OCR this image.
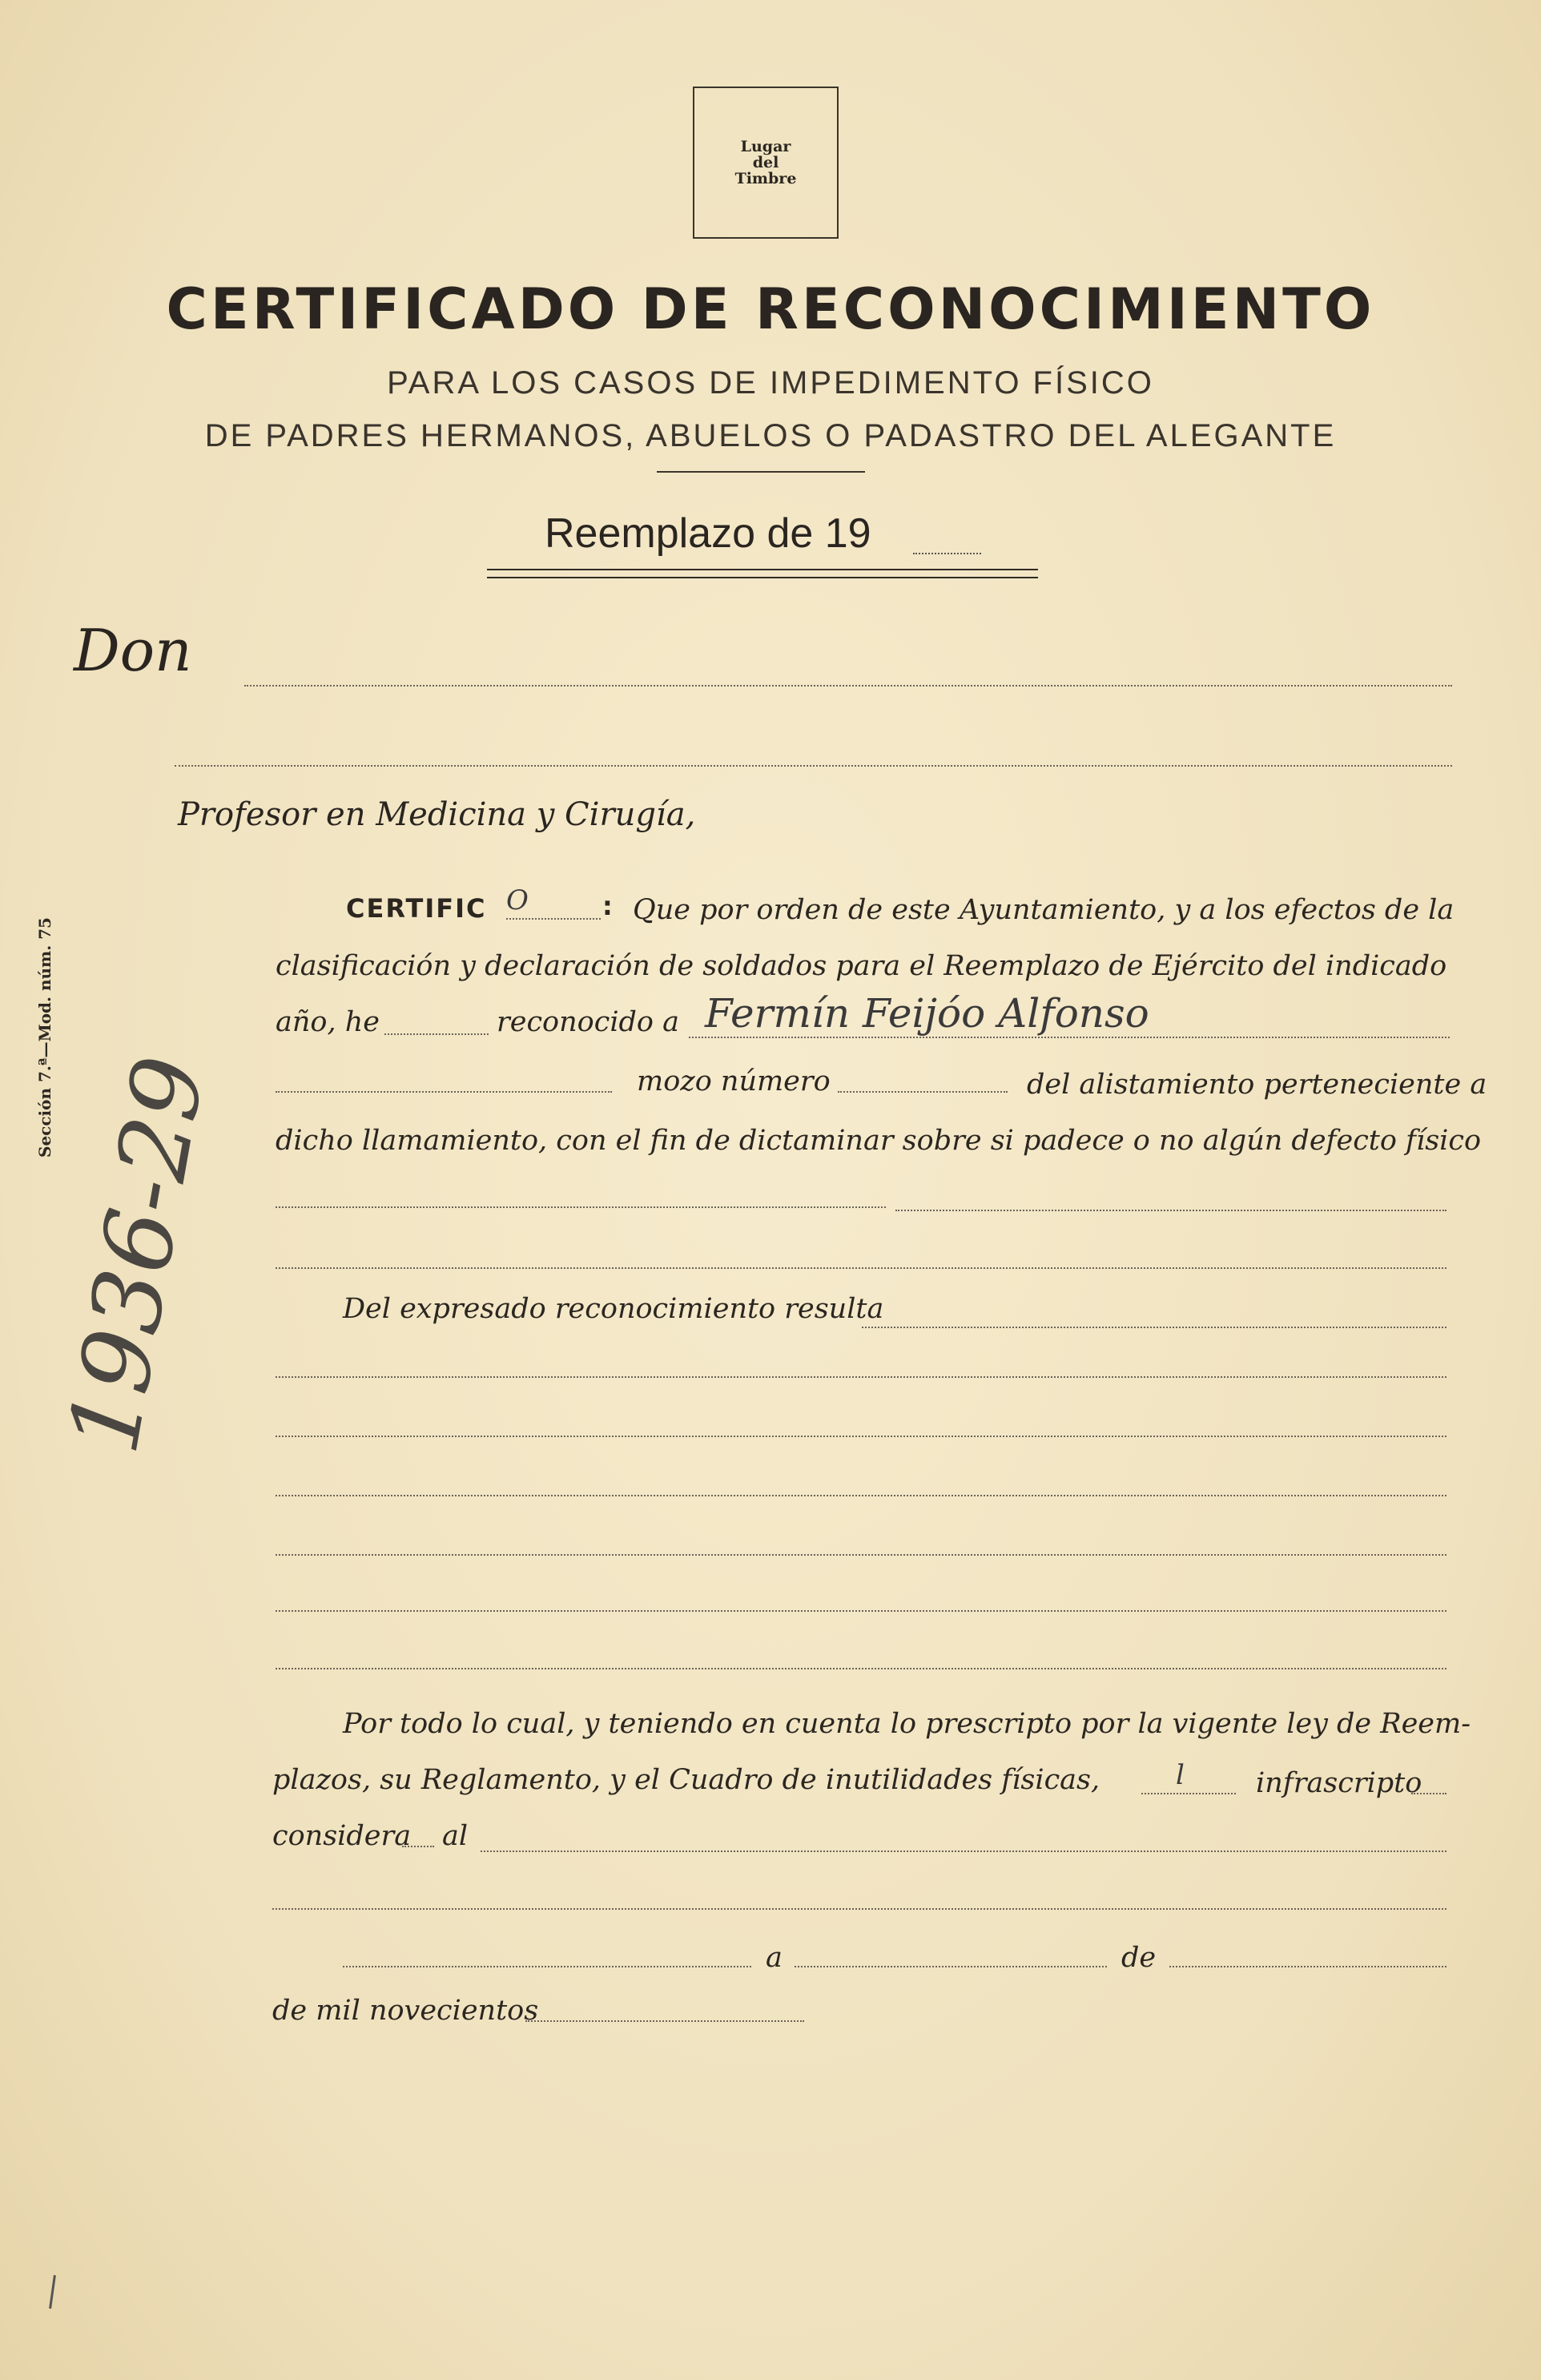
Lugar
del
Timbre
CERTIFICADO DE RECONOCIMIENTO
PARA LOS CASOS DE IMPEDIMENTO FÍSICO
DE PADRES HERMANOS, ABUELOS O PADASTRO DEL ALEGANTE
Reemplazo de 19
Don
Profesor en Medicina y Cirugía,
CERTIFIC O	: Que por orden de este Ayuntamiento, y a los efectos de la
clasificación y declaración de soldados para el Reemplazo de Ejército del indicado
año, he	reconocido a Fermín Feijóo Alfonso
mozo número	del alistamiento perteneciente a
dicho llamamiento, con el fin de dictaminar sobre si padece o no algún defecto físico
Del expresado reconocimiento resulta
Por todo lo cual, y teniendo en cuenta lo prescripto por la vigente ley de Reem-
plazos, su Reglamento, y el Cuadro de inutilidades físicas,	l	infrascripto
considera al
a	de
de mil novecientos
Sección 7.ª—Mod. núm. 75
1936-29
